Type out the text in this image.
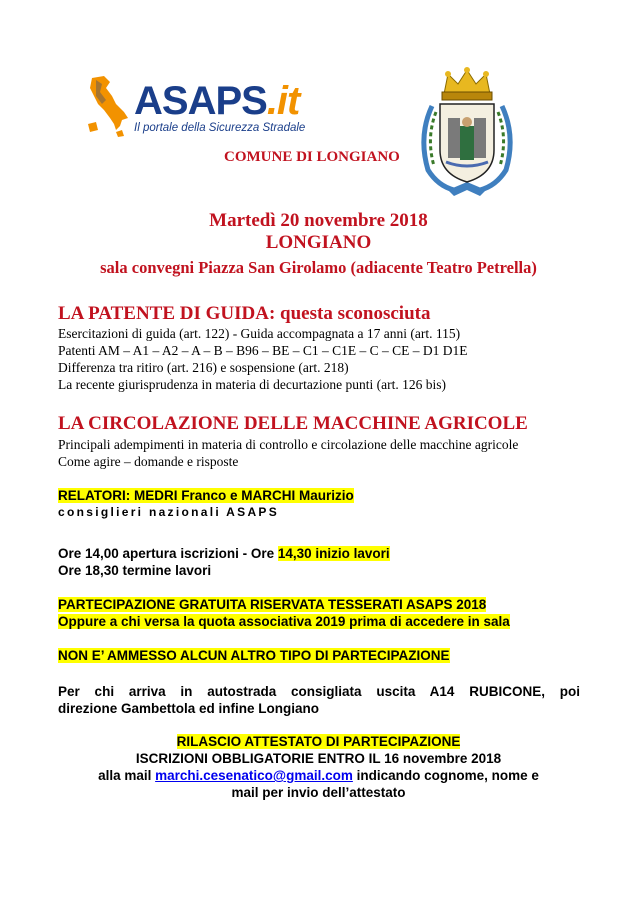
ASAPS.it
Il portale della Sicurezza Stradale
COMUNE DI LONGIANO
Martedì 20 novembre 2018
LONGIANO
sala convegni Piazza San Girolamo (adiacente Teatro Petrella)
LA PATENTE DI GUIDA: questa sconosciuta
Esercitazioni di guida (art. 122) - Guida accompagnata a 17 anni (art. 115)
Patenti AM – A1 – A2 – A – B – B96 – BE – C1 – C1E – C – CE – D1 D1E
Differenza tra ritiro (art. 216) e sospensione (art. 218)
La recente giurisprudenza in materia di decurtazione punti (art. 126 bis)
LA CIRCOLAZIONE DELLE MACCHINE AGRICOLE
Principali adempimenti in materia di controllo e circolazione delle macchine agricole
Come agire – domande e risposte
RELATORI: MEDRI Franco e MARCHI Maurizio
consiglieri nazionali ASAPS
Ore 14,00 apertura iscrizioni - Ore 14,30 inizio lavori
Ore 18,30 termine lavori
PARTECIPAZIONE GRATUITA RISERVATA TESSERATI ASAPS 2018
Oppure a chi versa la quota associativa 2019 prima di accedere in sala
NON E’ AMMESSO ALCUN ALTRO TIPO DI PARTECIPAZIONE
Per chi arriva in autostrada consigliata uscita A14 RUBICONE, poi
direzione Gambettola ed infine Longiano
RILASCIO ATTESTATO DI PARTECIPAZIONE
ISCRIZIONI OBBLIGATORIE ENTRO IL 16 novembre 2018
alla mail marchi.cesenatico@gmail.com indicando cognome, nome e
mail per invio dell’attestato
